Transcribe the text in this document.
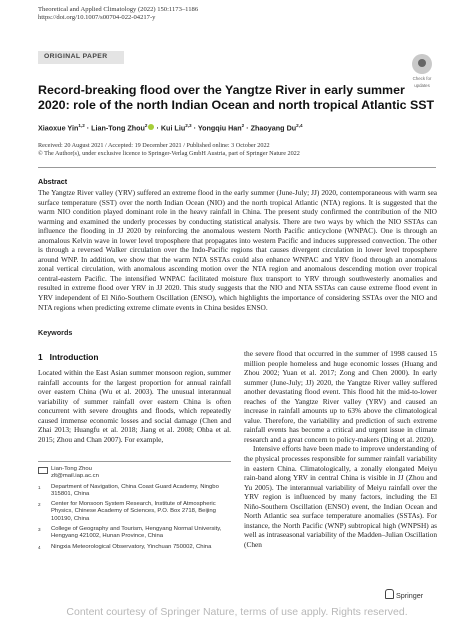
Theoretical and Applied Climatology (2022) 150:1173–1186
https://doi.org/10.1007/s00704-022-04217-y
ORIGINAL PAPER
Check for
updates
Record-breaking flood over the Yangtze River in early summer 2020: role of the north Indian Ocean and north tropical Atlantic SST
Xiaoxue Yin$^{1,2}$ · Lian-Tong Zhou$^2$ · Kui Liu$^{2,3}$ · Yongqiu Han$^2$ · Zhaoyang Du$^{2,4}$
Received: 20 August 2021 / Accepted: 19 December 2021 / Published online: 3 October 2022
© The Author(s), under exclusive licence to Springer-Verlag GmbH Austria, part of Springer Nature 2022
Abstract
The Yangtze River valley (YRV) suffered an extreme flood in the early summer (June-July; JJ) 2020, contemporaneous with warm sea surface temperature (SST) over the north Indian Ocean (NIO) and the north tropical Atlantic (NTA) regions. It is suggested that the warm NIO condition played dominant role in the heavy rainfall in China. The present study confirmed the contribution of the NIO warming and examined the underly processes by conducting statistical analysis. There are two ways by which the NIO SSTAs can influence the flooding in JJ 2020 by reinforcing the anomalous western North Pacific anticyclone (WNPAC). One is through an anomalous Kelvin wave in lower level troposphere that propagates into western Pacific and induces suppressed convection. The other is through a reversed Walker circulation over the Indo-Pacific regions that causes divergent circulation in lower level troposphere around WNP. In addition, we show that the warm NTA SSTAs could also enhance WNPAC and YRV flood through an anomalous zonal vertical circulation, with anomalous ascending motion over the NTA region and anomalous descending motion over tropical central-eastern Pacific. The intensified WNPAC facilitated moisture flux transport to YRV through southwesterly anomalies and resulted in extreme flood over YRV in JJ 2020. This study suggests that the NIO and NTA SSTAs can cause extreme flood event in YRV independent of El Niño-Southern Oscillation (ENSO), which highlights the importance of considering SSTAs over the NIO and NTA regions when predicting extreme climate events in China besides ENSO.
Keywords
1 Introduction

Located within the East Asian summer monsoon region, summer rainfall accounts for the largest proportion for annual rainfall over eastern China (Wu et al. 2003). The unusual interannual variability of summer rainfall over eastern China is often concurrent with severe droughts and floods, which repeatedly caused immense economic losses and social damage (Chen and Zhai 2013; Huangfu et al. 2018; Jiang et al. 2008; Ohba et al. 2015; Zhou and Chan 2007). For example,

Lian-Tong Zhou
zlt@mail.iap.ac.cn
1 Department of Navigation, China Coast Guard Academy, Ningbo 315801, China
2 Center for Monsoon System Research, Institute of Atmospheric Physics, Chinese Academy of Sciences, P.O. Box 2718, Beijing 100190, China
3 College of Geography and Tourism, Hengyang Normal University, Hengyang 421002, Hunan Province, China
4 Ningxia Meteorological Observatory, Yinchuan 750002, China

the severe flood that occurred in the summer of 1998 caused 15 million people homeless and huge economic losses (Huang and Zhou 2002; Yuan et al. 2017; Zong and Chen 2000). In early summer (June-July; JJ) 2020, the Yangtze River valley suffered another devastating flood event. This flood hit the mid-to-lower reaches of the Yangtze River valley (YRV) and caused an increase in rainfall amounts up to 63% above the climatological value. Therefore, the variability and prediction of such extreme rainfall events has become a critical and urgent issue in climate research and a great concern to policy-makers (Ding et al. 2020).

Intensive efforts have been made to improve understanding of the physical processes responsible for summer rainfall variability in eastern China. Climatologically, a zonally elongated Meiyu rain-band along YRV in central China is visible in JJ (Zhou and Yu 2005). The interannual variability of Meiyu rainfall over the YRV region is influenced by many factors, including the El Niño-Southern Oscillation (ENSO) event, the Indian Ocean and North Atlantic sea surface temperature anomalies (SSTAs). For instance, the North Pacific (WNP) subtropical high (WNPSH) as well as intraseasonal variability of the Madden–Julian Oscillation (Chen

Springer
Content courtesy of Springer Nature, terms of use apply. Rights reserved.
